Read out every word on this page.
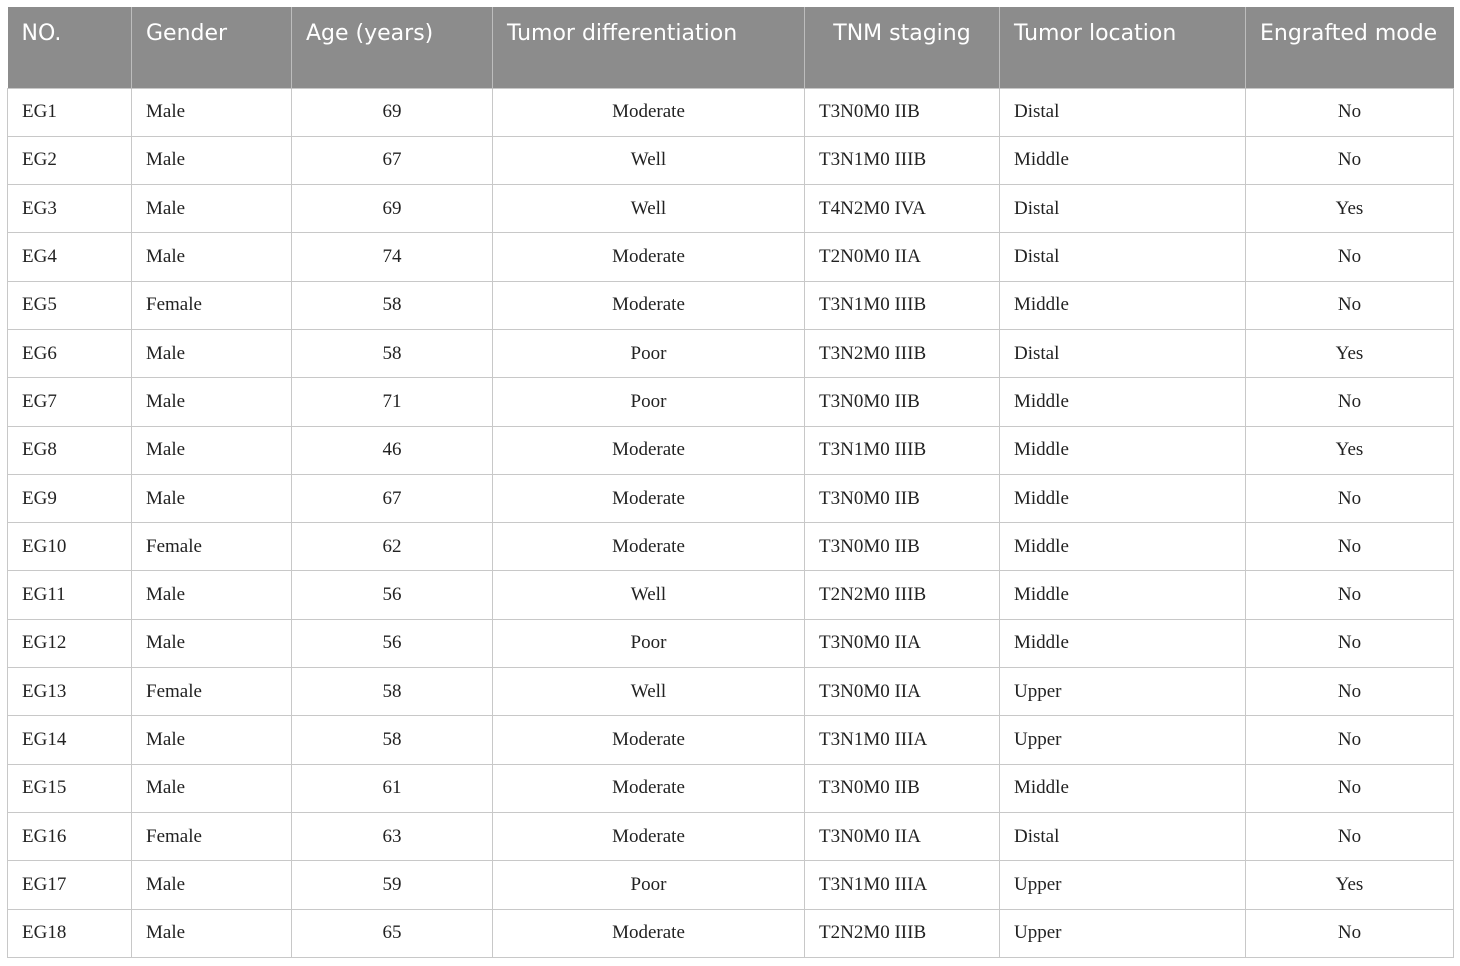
NO.	Gender	Age (years)	Tumor differentiation	TNM staging	Tumor location	Engrafted mode
EG1	Male	69	Moderate	T3N0M0 IIB	Distal	No
EG2	Male	67	Well	T3N1M0 IIIB	Middle	No
EG3	Male	69	Well	T4N2M0 IVA	Distal	Yes
EG4	Male	74	Moderate	T2N0M0 IIA	Distal	No
EG5	Female	58	Moderate	T3N1M0 IIIB	Middle	No
EG6	Male	58	Poor	T3N2M0 IIIB	Distal	Yes
EG7	Male	71	Poor	T3N0M0 IIB	Middle	No
EG8	Male	46	Moderate	T3N1M0 IIIB	Middle	Yes
EG9	Male	67	Moderate	T3N0M0 IIB	Middle	No
EG10	Female	62	Moderate	T3N0M0 IIB	Middle	No
EG11	Male	56	Well	T2N2M0 IIIB	Middle	No
EG12	Male	56	Poor	T3N0M0 IIA	Middle	No
EG13	Female	58	Well	T3N0M0 IIA	Upper	No
EG14	Male	58	Moderate	T3N1M0 IIIA	Upper	No
EG15	Male	61	Moderate	T3N0M0 IIB	Middle	No
EG16	Female	63	Moderate	T3N0M0 IIA	Distal	No
EG17	Male	59	Poor	T3N1M0 IIIA	Upper	Yes
EG18	Male	65	Moderate	T2N2M0 IIIB	Upper	No
